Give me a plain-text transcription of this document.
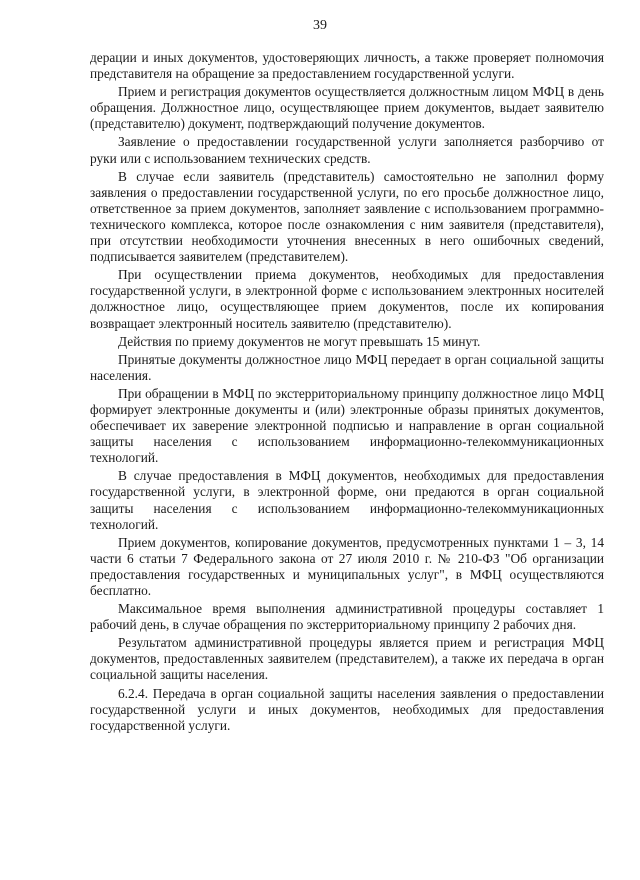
39

дерации и иных документов, удостоверяющих личность, а также проверяет полномочия представителя на обращение за предоставлением государственной услуги.

Прием и регистрация документов осуществляется должностным лицом МФЦ в день обращения. Должностное лицо, осуществляющее прием документов, выдает заявителю (представителю) документ, подтверждающий получение документов.

Заявление о предоставлении государственной услуги заполняется разборчиво от руки или с использованием технических средств.

В случае если заявитель (представитель) самостоятельно не заполнил форму заявления о предоставлении государственной услуги, по его просьбе должностное лицо, ответственное за прием документов, заполняет заявление с использованием программно-технического комплекса, которое после ознакомления с ним заявителя (представителя), при отсутствии необходимости уточнения внесенных в него ошибочных сведений, подписывается заявителем (представителем).

При осуществлении приема документов, необходимых для предоставления государственной услуги, в электронной форме с использованием электронных носителей должностное лицо, осуществляющее прием документов, после их копирования возвращает электронный носитель заявителю (представителю).

Действия по приему документов не могут превышать 15 минут.

Принятые документы должностное лицо МФЦ передает в орган социальной защиты населения.

При обращении в МФЦ по экстерриториальному принципу должностное лицо МФЦ формирует электронные документы и (или) электронные образы принятых документов, обеспечивает их заверение электронной подписью и направление в орган социальной защиты населения с использованием информационно-телекоммуникационных технологий.

В случае предоставления в МФЦ документов, необходимых для предоставления государственной услуги, в электронной форме, они предаются в орган социальной защиты населения с использованием информационно-телекоммуникационных технологий.

Прием документов, копирование документов, предусмотренных пунктами 1 – 3, 14 части 6 статьи 7 Федерального закона от 27 июля 2010 г. № 210-ФЗ "Об организации предоставления государственных и муниципальных услуг", в МФЦ осуществляются бесплатно.

Максимальное время выполнения административной процедуры составляет 1 рабочий день, в случае обращения по экстерриториальному принципу 2 рабочих дня.

Результатом административной процедуры является прием и регистрация МФЦ документов, предоставленных заявителем (представителем), а также их передача в орган социальной защиты населения.

6.2.4. Передача в орган социальной защиты населения заявления о предоставлении государственной услуги и иных документов, необходимых для предоставления государственной услуги.
